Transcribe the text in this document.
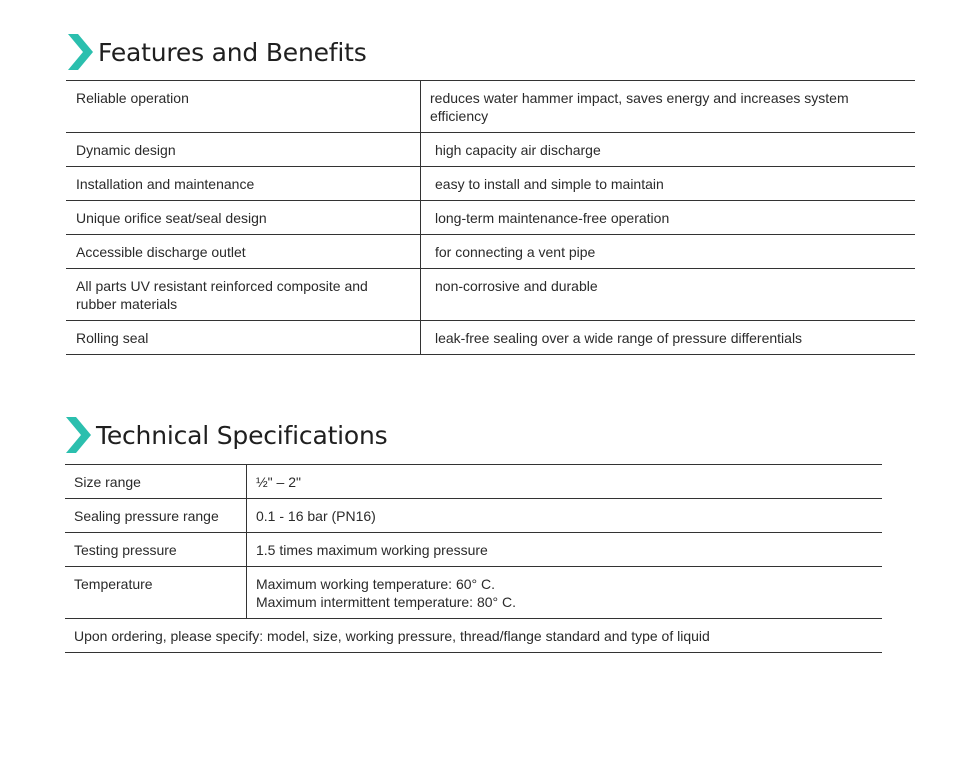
Features and Benefits
Reliable operation	reduces water hammer impact, saves energy and increases system efficiency
Dynamic design	high capacity air discharge
Installation and maintenance	easy to install and simple to maintain
Unique orifice seat/seal design	long-term maintenance-free operation
Accessible discharge outlet	for connecting a vent pipe
All parts UV resistant reinforced composite and rubber materials	non-corrosive and durable
Rolling seal	leak-free sealing over a wide range of pressure differentials
Technical Specifications
Size range	½" – 2"
Sealing pressure range	0.1 - 16 bar (PN16)
Testing pressure	1.5 times maximum working pressure
Temperature	Maximum working temperature: 60° C.
Maximum intermittent temperature: 80° C.

Upon ordering, please specify: model, size, working pressure, thread/flange standard and type of liquid	
